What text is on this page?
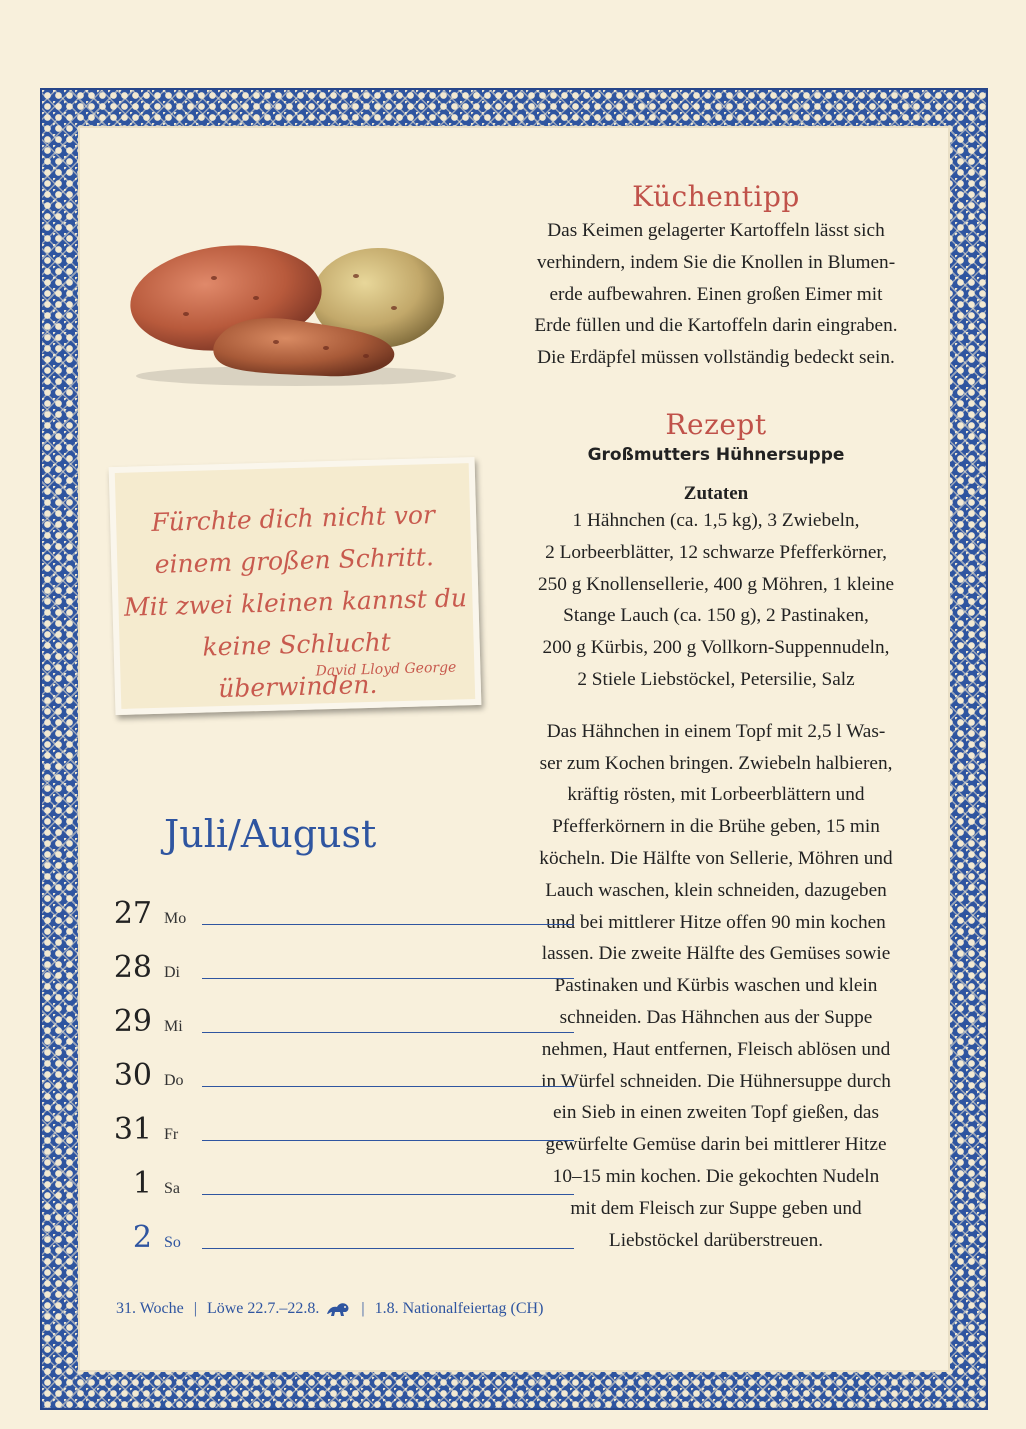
Küchentipp

Das Keimen gelagerter Kartoffeln lässt sich

verhindern, indem Sie die Knollen in Blumen-

erde aufbewahren. Einen großen Eimer mit

Erde füllen und die Kartoffeln darin eingraben.

Die Erdäpfel müssen vollständig bedeckt sein.

Rezept

Großmutters Hühnersuppe

Zutaten

1 Hähnchen (ca. 1,5 kg), 3 Zwiebeln,

2 Lorbeerblätter, 12 schwarze Pfefferkörner,

250 g Knollensellerie, 400 g Möhren, 1 kleine

Stange Lauch (ca. 150 g), 2 Pastinaken,

200 g Kürbis, 200 g Vollkorn-Suppennudeln,

2 Stiele Liebstöckel, Petersilie, Salz

Das Hähnchen in einem Topf mit 2,5 l Was-

ser zum Kochen bringen. Zwiebeln halbieren,

kräftig rösten, mit Lorbeerblättern und

Pfefferkörnern in die Brühe geben, 15 min

köcheln. Die Hälfte von Sellerie, Möhren und

Lauch waschen, klein schneiden, dazugeben

und bei mittlerer Hitze offen 90 min kochen

lassen. Die zweite Hälfte des Gemüses sowie

Pastinaken und Kürbis waschen und klein

schneiden. Das Hähnchen aus der Suppe

nehmen, Haut entfernen, Fleisch ablösen und

in Würfel schneiden. Die Hühnersuppe durch

ein Sieb in einen zweiten Topf gießen, das

gewürfelte Gemüse darin bei mittlerer Hitze

10–15 min kochen. Die gekochten Nudeln

mit dem Fleisch zur Suppe geben und

Liebstöckel darüberstreuen.

Fürchte dich nicht vor
einem großen Schritt.
Mit zwei kleinen kannst du
keine Schlucht überwinden.
David Lloyd George
Juli/August
27 Mo
28 Di
29 Mi
30 Do
31 Fr
1 Sa
2 So
31. Woche | Löwe 22.7.–22.8.	| 1.8. Nationalfeiertag (CH)
